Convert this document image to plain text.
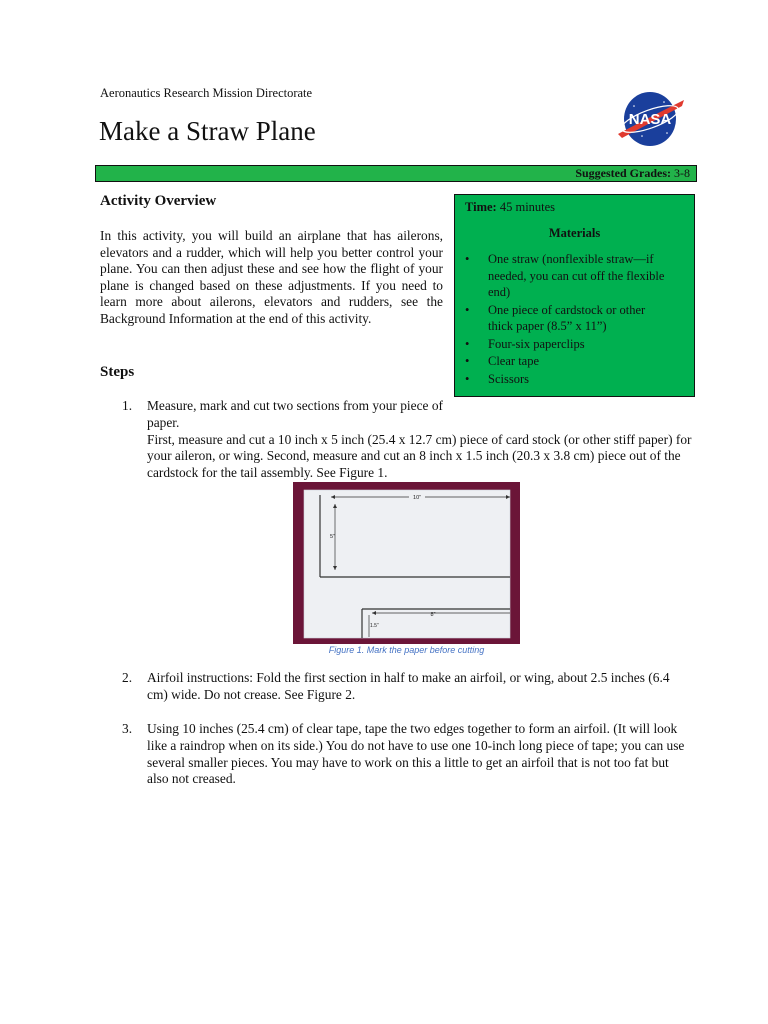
Aeronautics Research Mission Directorate
Make a Straw Plane	NASA
Suggested Grades: 3-8
Activity Overview
In this activity, you will build an airplane that has ailerons, elevators and a rudder, which will help you better control your plane. You can then adjust these and see how the flight of your plane is changed based on these adjustments. If you need to learn more about ailerons, elevators and rudders, see the Background Information at the end of this activity.
Time: 45 minutes
Materials
• One straw (nonflexible straw—if needed, you can cut off the flexible end)
• One piece of cardstock or other thick paper (8.5” x 11”)
• Four-six paperclips
• Clear tape
• Scissors
Steps
1. Measure, mark and cut two sections from your piece of paper.
First, measure and cut a 10 inch x 5 inch (25.4 x 12.7 cm) piece of card stock (or other stiff paper) for your aileron, or wing. Second, measure and cut an 8 inch x 1.5 inch (20.3 x 3.8 cm) piece out of the cardstock for the tail assembly. See Figure 1.
10”
5”
8”
1.5”
Figure 1. Mark the paper before cutting
2. Airfoil instructions: Fold the first section in half to make an airfoil, or wing, about 2.5 inches (6.4 cm) wide. Do not crease. See Figure 2.
3. Using 10 inches (25.4 cm) of clear tape, tape the two edges together to form an airfoil. (It will look like a raindrop when on its side.) You do not have to use one 10-inch long piece of tape; you can use several smaller pieces. You may have to work on this a little to get an airfoil that is not too fat but also not creased.
